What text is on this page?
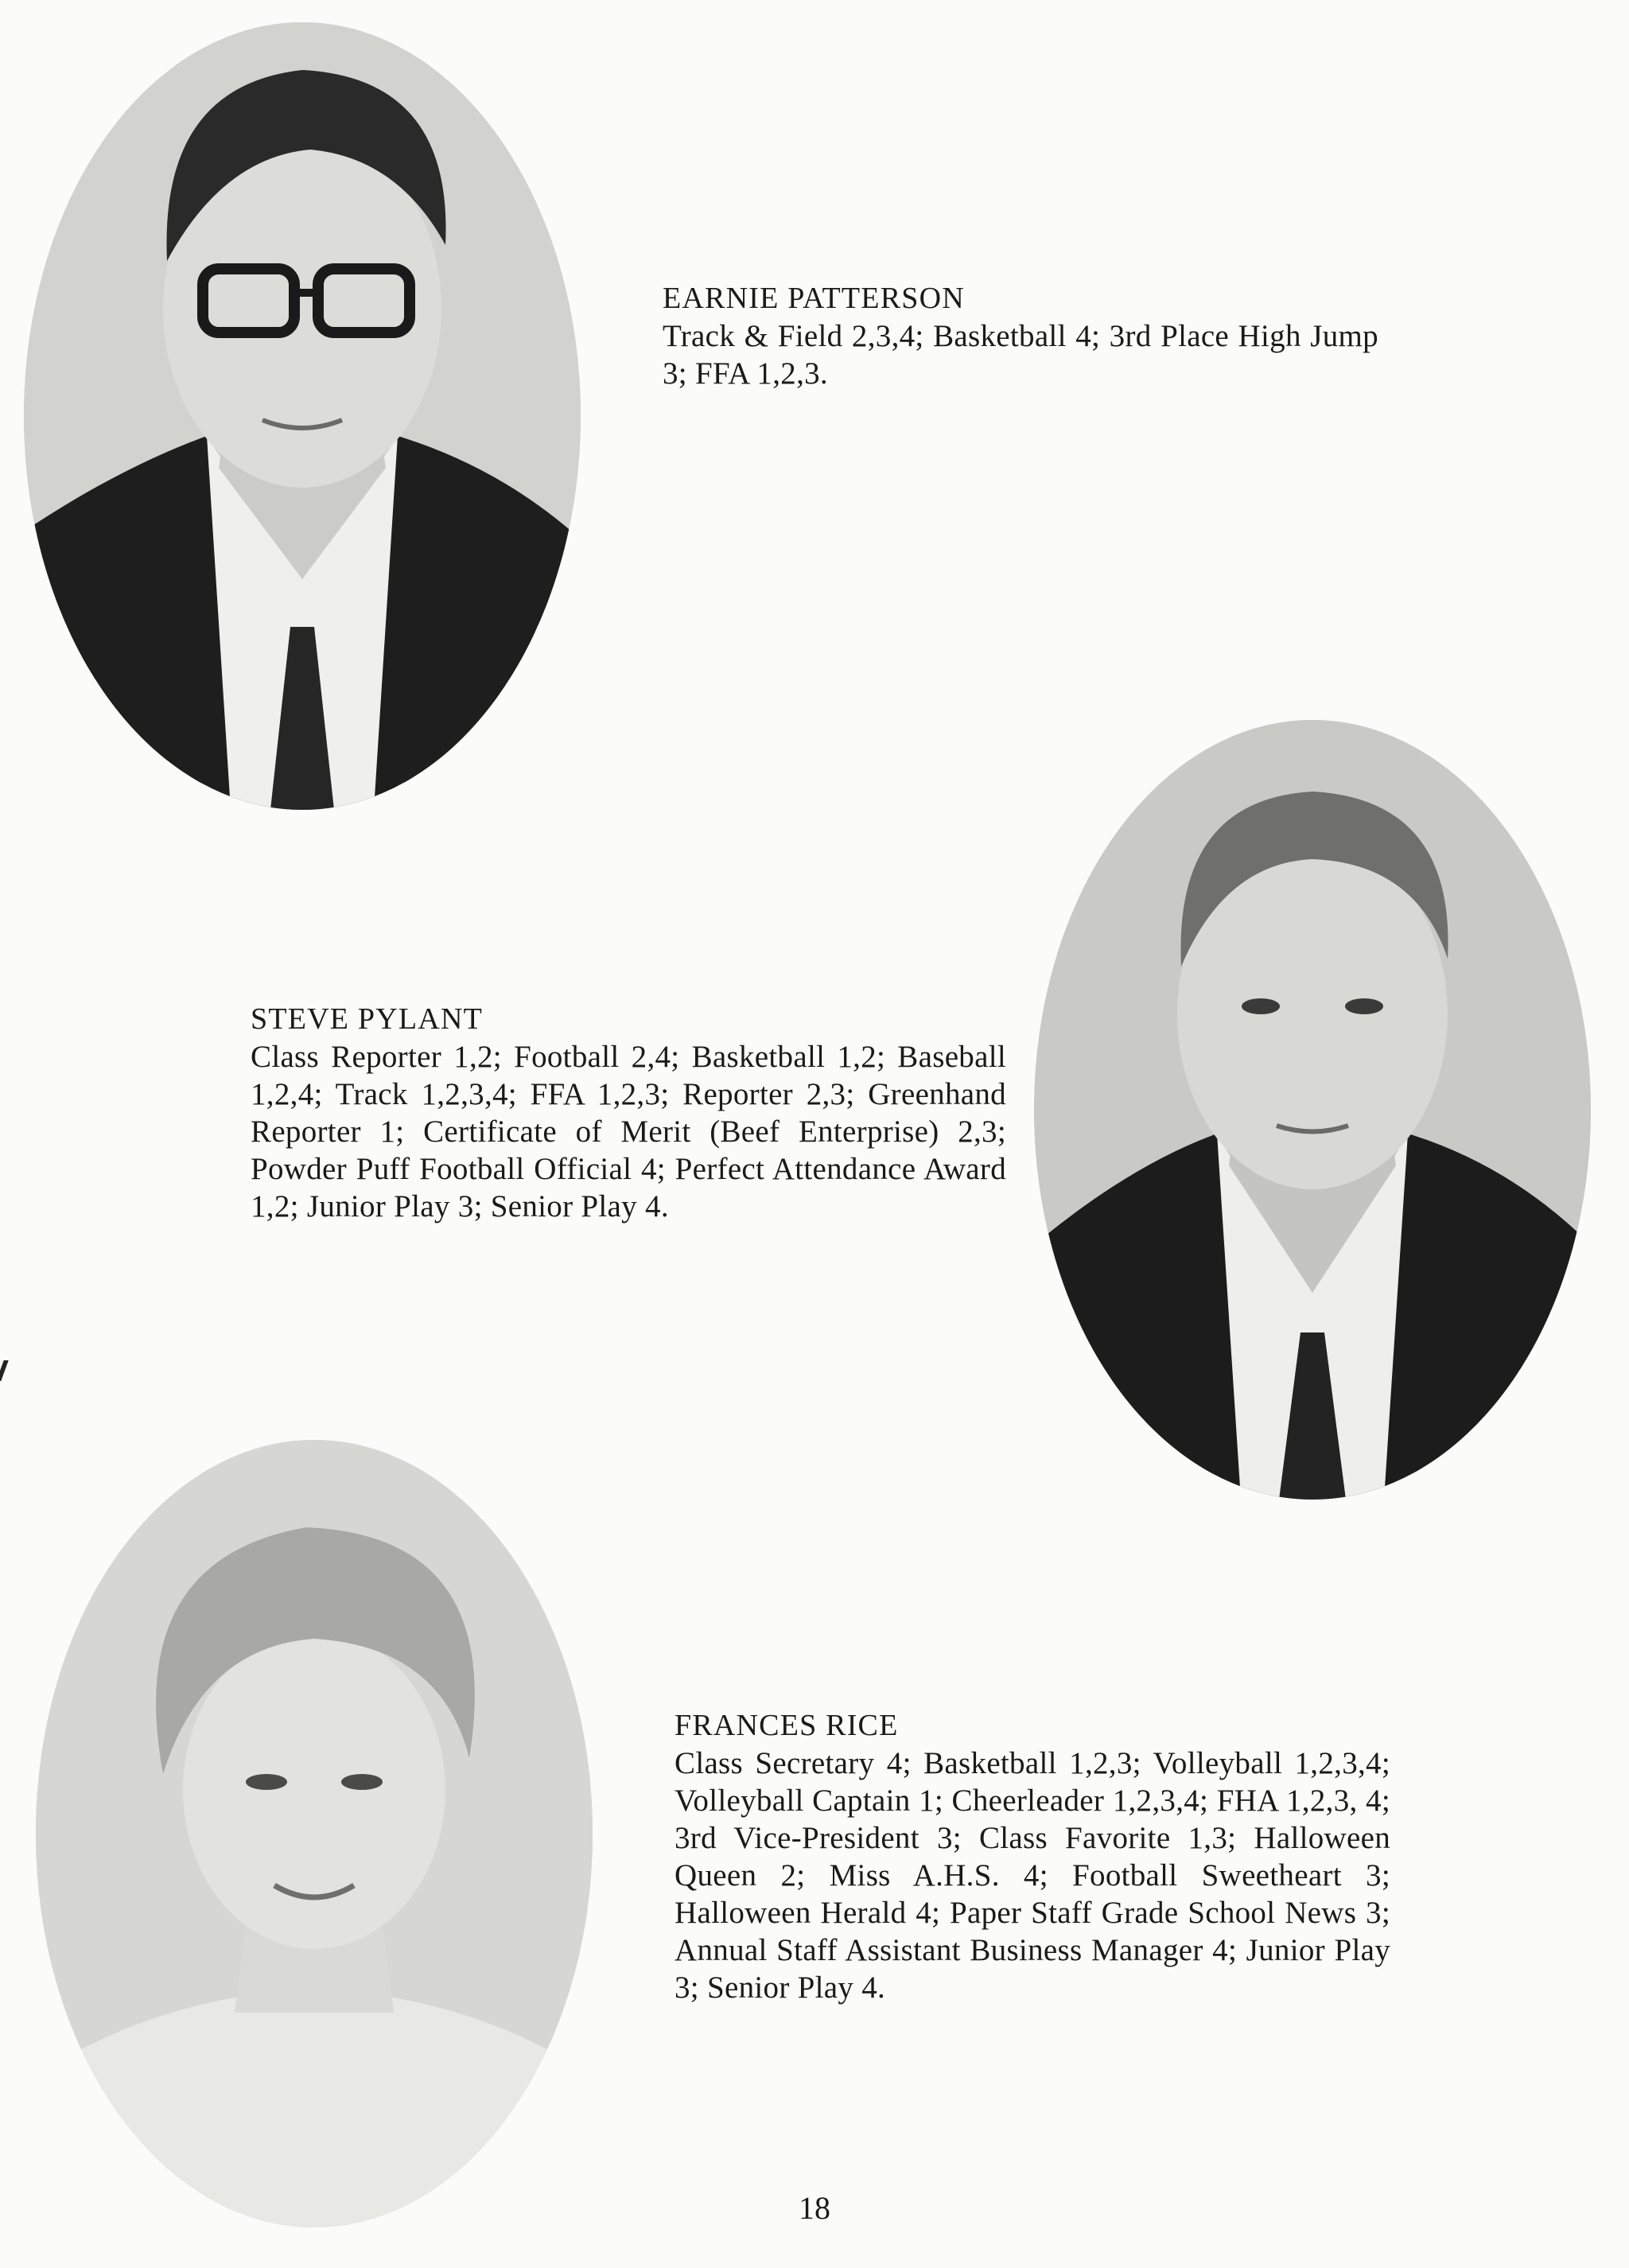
EARNIE PATTERSON
Track & Field 2,3,4; Basketball 4; 3rd Place High Jump 3; FFA 1,2,3.
STEVE PYLANT
Class Reporter 1,2; Football 2,4; Basketball 1,2; Baseball 1,2,4; Track 1,2,3,4; FFA 1,2,3; Reporter 2,3; Greenhand Reporter 1; Certificate of Merit (Beef Enterprise) 2,3; Powder Puff Football Official 4; Perfect Attendance Award 1,2; Junior Play 3; Senior Play 4.
FRANCES RICE
Class Secretary 4; Basketball 1,2,3; Volleyball 1,2,3,4; Volleyball Captain 1; Cheerleader 1,2,3,4; FHA 1,2,3, 4; 3rd Vice-President 3; Class Favorite 1,3; Halloween Queen 2; Miss A.H.S. 4; Football Sweetheart 3; Halloween Herald 4; Paper Staff Grade School News 3; Annual Staff Assistant Business Manager 4; Junior Play 3; Senior Play 4.
18
